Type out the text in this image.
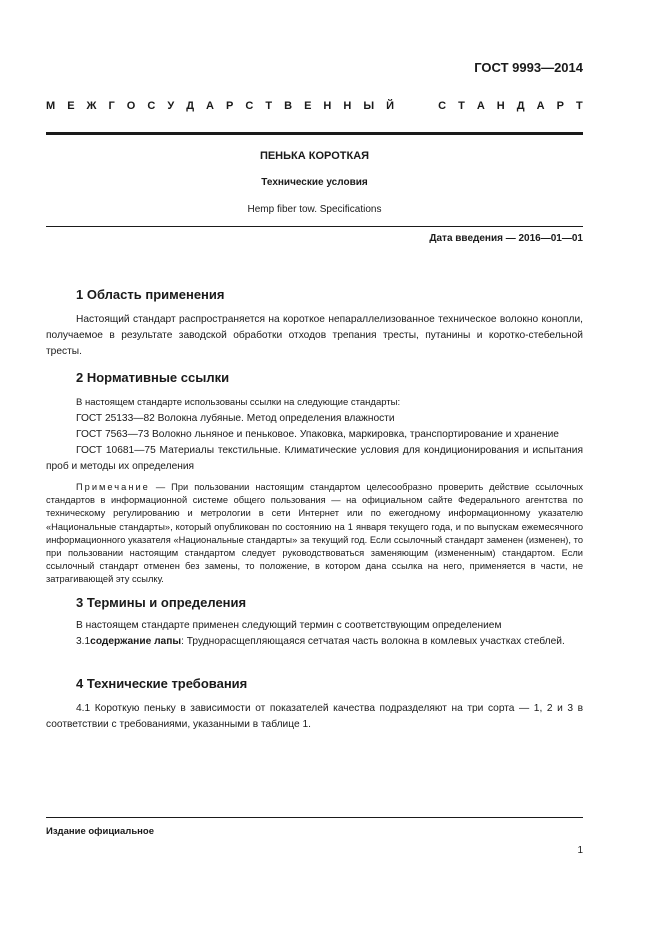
ГОСТ 9993—2014
М Е Ж Г О С У Д А Р С Т В Е Н Н Ы Й	С Т А Н Д А Р Т
ПЕНЬКА КОРОТКАЯ
Технические условия
Hemp fiber tow. Specifications
Дата введения — 2016—01—01
1 Область применения

Настоящий стандарт распространяется на короткое непараллелизованное техническое волокно конопли, получаемое в результате заводской обработки отходов трепания тресты, путанины и коротко-стебельной тресты.

2 Нормативные ссылки

В настоящем стандарте использованы ссылки на следующие стандарты:

ГОСТ 25133—82 Волокна лубяные. Метод определения влажности

ГОСТ 7563—73 Волокно льняное и пеньковое. Упаковка, маркировка, транспортирование и хранение

ГОСТ 10681—75 Материалы текстильные. Климатические условия для кондиционирования и испытания проб и методы их определения

Примечание — При пользовании настоящим стандартом целесообразно проверить действие ссылочных стандартов в информационной системе общего пользования — на официальном сайте Федерального агентства по техническому регулированию и метрологии в сети Интернет или по ежегодному информационному указателю «Национальные стандарты», который опубликован по состоянию на 1 января текущего года, и по выпускам ежемесячного информационного указателя «Национальные стандарты» за текущий год. Если ссылочный стандарт заменен (изменен), то при пользовании настоящим стандартом следует руководствоваться заменяющим (измененным) стандартом. Если ссылочный стандарт отменен без замены, то положение, в котором дана ссылка на него, применяется в части, не затрагивающей эту ссылку.

3 Термины и определения

В настоящем стандарте применен следующий термин с соответствующим определением

3.1содержание лапы: Труднорасщепляющаяся сетчатая часть волокна в комлевых участках стеблей.

4 Технические требования

4.1 Короткую пеньку в зависимости от показателей качества подразделяют на три сорта — 1, 2 и 3 в соответствии с требованиями, указанными в таблице 1.

Издание официальное
1
